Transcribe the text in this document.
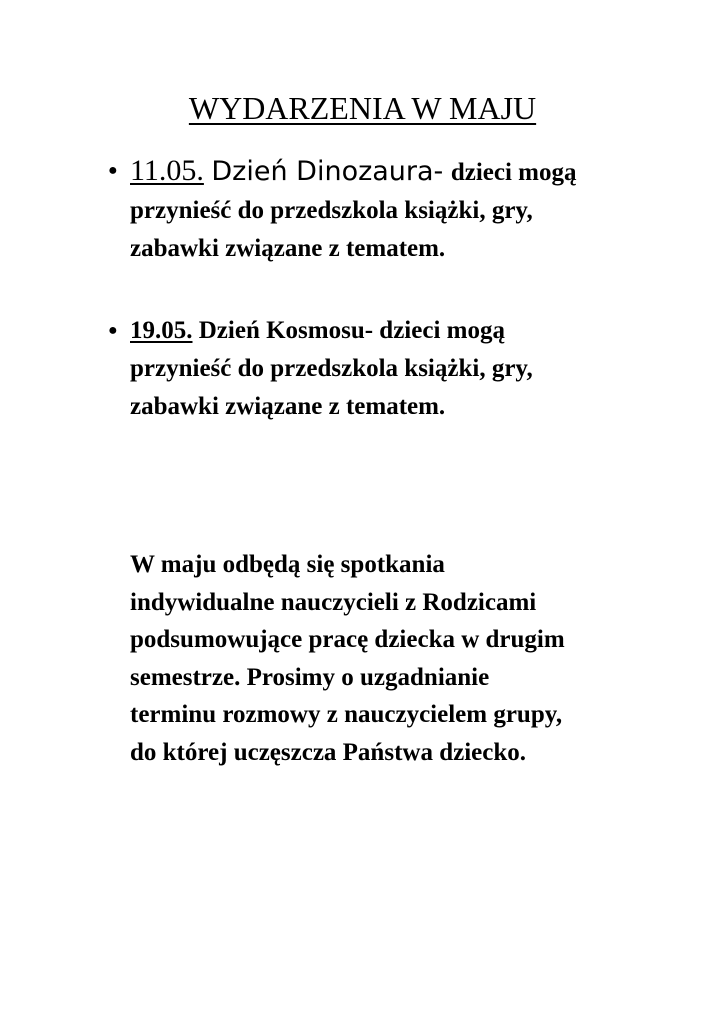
WYDARZENIA W MAJU
● 11.05. Dzień Dinozaura- dzieci mogą
przynieść do przedszkola książki, gry,
zabawki związane z tematem.
● 19.05. Dzień Kosmosu- dzieci mogą
przynieść do przedszkola książki, gry,
zabawki związane z tematem.
W maju odbędą się spotkania
indywidualne nauczycieli z Rodzicami
podsumowujące pracę dziecka w drugim
semestrze. Prosimy o uzgadnianie
terminu rozmowy z nauczycielem grupy,
do której uczęszcza Państwa dziecko.
